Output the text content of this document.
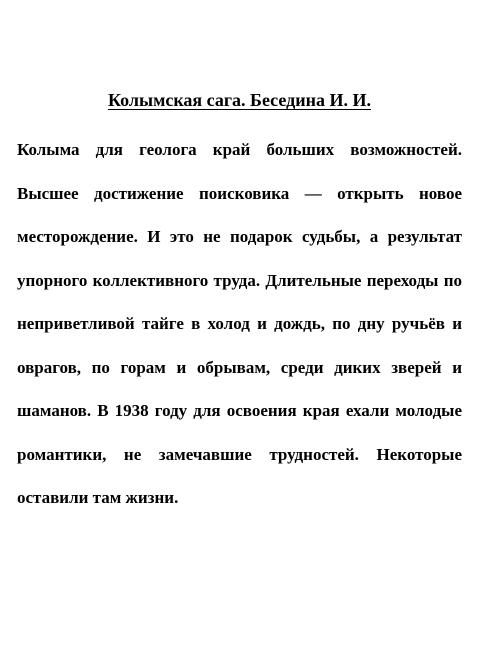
Колымская сага. Беседина И. И.

Колыма для геолога край больших возможностей. Высшее достижение поисковика — открыть новое месторождение. И это не подарок судьбы, а результат упорного коллективного труда. Длительные переходы по неприветливой тайге в холод и дождь, по дну ручьёв и оврагов, по горам и обрывам, среди диких зверей и шаманов. В 1938 году для освоения края ехали молодые романтики, не замечавшие трудностей. Некоторые оставили там жизни.
